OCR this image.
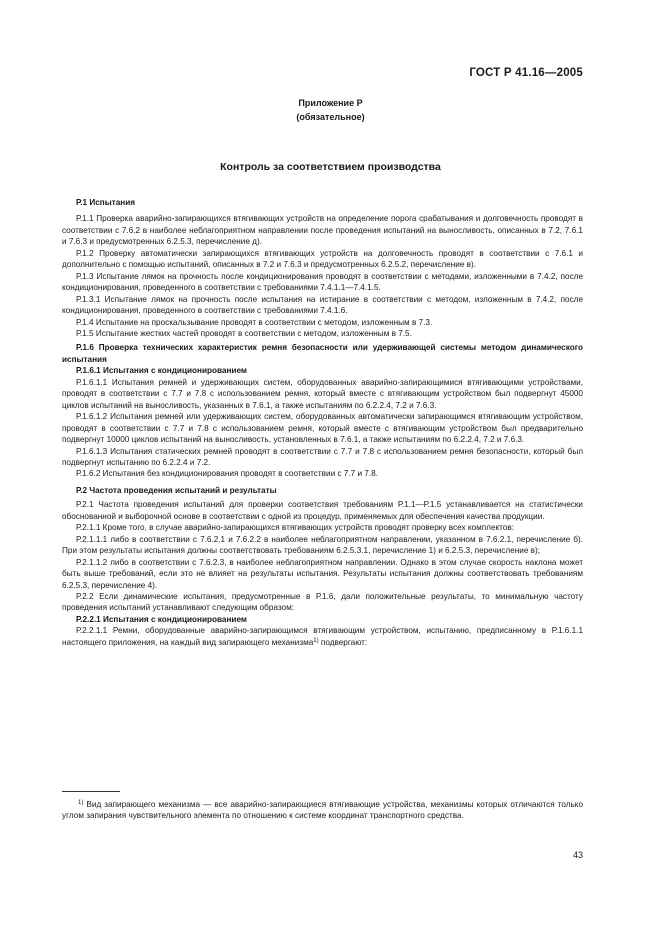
ГОСТ Р 41.16—2005
Приложение Р
(обязательное)
Контроль за соответствием производства

Р.1 Испытания

Р.1.1 Проверка аварийно-запирающихся втягивающих устройств на определение порога срабатывания и долговечность проводят в соответствии с 7.6.2 в наиболее неблагоприятном направлении после проведения испытаний на выносливость, описанных в 7.2, 7.6.1 и 7.6.3 и предусмотренных 6.2.5.3, перечисление д).

Р.1.2 Проверку автоматически запирающихся втягивающих устройств на долговечность проводят в соответствии с 7.6.1 и дополнительно с помощью испытаний, описанных в 7.2 и 7.6.3 и предусмотренных 6.2.5.2, перечисление в).

Р.1.3 Испытание лямок на прочность после кондиционирования проводят в соответствии с методами, изложенными в 7.4.2, после кондиционирования, проведенного в соответствии с требованиями 7.4.1.1—7.4.1.5.

Р.1.3.1 Испытание лямок на прочность после испытания на истирание в соответствии с методом, изложенным в 7.4.2, после кондиционирования, проведенного в соответствии с требованиями 7.4.1.6.

Р.1.4 Испытание на проскальзывание проводят в соответствии с методом, изложенным в 7.3.

Р.1.5 Испытание жестких частей проводят в соответствии с методом, изложенным в 7.5.

Р.1.6 Проверка технических характеристик ремня безопасности или удерживающей системы методом динамического испытания

Р.1.6.1 Испытания с кондиционированием

Р.1.6.1.1 Испытания ремней и удерживающих систем, оборудованных аварийно-запирающимися втягивающими устройствами, проводят в соответствии с 7.7 и 7.8 с использованием ремня, который вместе с втягивающим устройством был подвергнут 45000 циклов испытаний на выносливость, указанных в 7.6.1, а также испытаниям по 6.2.2.4, 7.2 и 7.6.3.

Р.1.6.1.2 Испытания ремней или удерживающих систем, оборудованных автоматически запирающимся втягивающим устройством, проводят в соответствии с 7.7 и 7.8 с использованием ремня, который вместе с втягивающим устройством был предварительно подвергнут 10000 циклов испытаний на выносливость, установленных в 7.6.1, а также испытаниям по 6.2.2.4, 7.2 и 7.6.3.

Р.1.6.1.3 Испытания статических ремней проводят в соответствии с 7.7 и 7.8 с использованием ремня безопасности, который был подвергнут испытанию по 6.2.2.4 и 7.2.

Р.1.6.2 Испытания без кондиционирования проводят в соответствии с 7.7 и 7.8.

Р.2 Частота проведения испытаний и результаты

Р.2.1 Частота проведения испытаний для проверки соответствия требованиям Р.1.1—Р.1.5 устанавливается на статистически обоснованной и выборочной основе в соответствии с одной из процедур, применяемых для обеспечения качества продукции.

Р.2.1.1 Кроме того, в случае аварийно-запирающихся втягивающих устройств проводят проверку всех комплектов:

Р.2.1.1.1 либо в соответствии с 7.6.2.1 и 7.6.2.2 в наиболее неблагоприятном направлении, указанном в 7.6.2.1, перечисление б). При этом результаты испытания должны соответствовать требованиям 6.2.5.3.1, перечисление 1) и 6.2.5.3, перечисление в);

Р.2.1.1.2 либо в соответствии с 7.6.2.3, в наиболее неблагоприятном направлении. Однако в этом случае скорость наклона может быть выше требований, если это не влияет на результаты испытания. Результаты испытания должны соответствовать требованиям 6.2.5.3, перечисление 4).

Р.2.2 Если динамические испытания, предусмотренные в Р.1.6, дали положительные результаты, то минимальную частоту проведения испытаний устанавливают следующим образом:

Р.2.2.1 Испытания с кондиционированием

Р.2.2.1.1 Ремни, оборудованные аварийно-запирающимся втягивающим устройством, испытанию, предписанному в Р.1.6.1.1 настоящего приложения, на каждый вид запирающего механизма$^{1)}$ подвергают:

$^{1)}$ Вид запирающего механизма — все аварийно-запирающиеся втягивающие устройства, механизмы которых отличаются только углом запирания чувствительного элемента по отношению к системе координат транспортного средства.

43
